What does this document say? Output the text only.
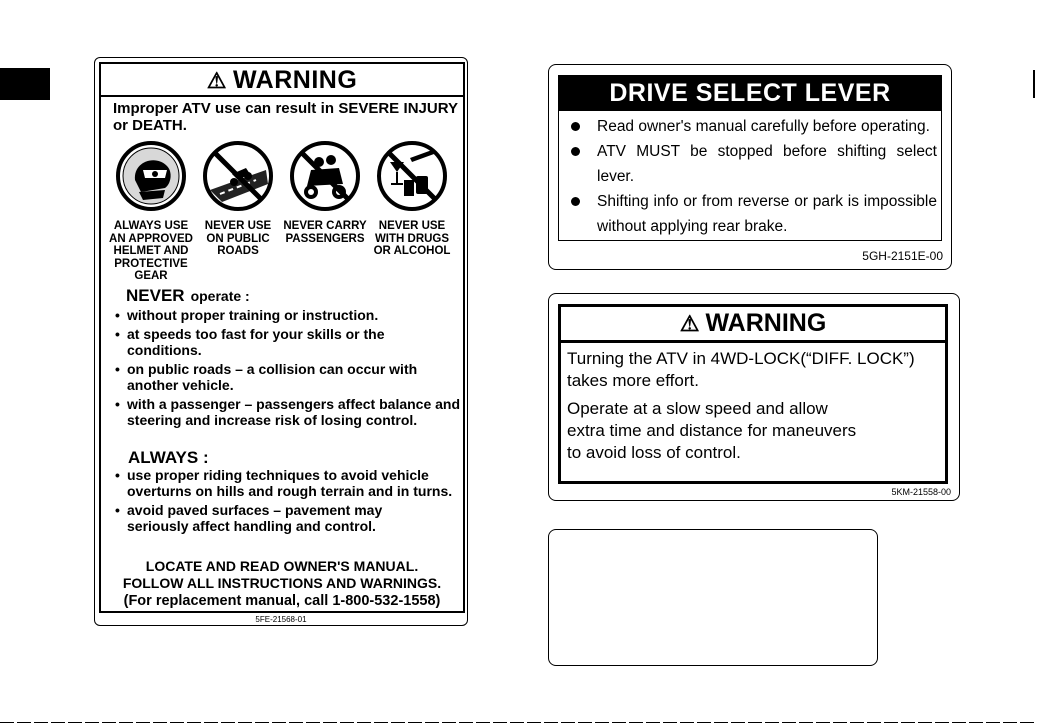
⚠ WARNING
Improper ATV use can result in SEVERE INJURY or DEATH.
ALWAYS USE
AN APPROVED
HELMET AND
PROTECTIVE
GEAR
NEVER USE
ON PUBLIC
ROADS
NEVER CARRY
PASSENGERS
NEVER USE
WITH DRUGS
OR ALCOHOL
NEVER operate :
• without proper training or instruction.
• at speeds too fast for your skills or the conditions.
• on public roads – a collision can occur with another vehicle.
• with a passenger – passengers affect balance and steering and increase risk of losing control.
ALWAYS :
• use proper riding techniques to avoid vehicle overturns on hills and rough terrain and in turns.
• avoid paved surfaces – pavement may seriously affect handling and control.
LOCATE AND READ OWNER'S MANUAL.
FOLLOW ALL INSTRUCTIONS AND WARNINGS.
(For replacement manual, call 1-800-532-1558)
5FE-21568-01
DRIVE SELECT LEVER
Read owner's manual carefully before operating.
ATV MUST be stopped before shifting select lever.
Shifting info or from reverse or park is impossible without applying rear brake.
5GH-2151E-00
⚠ WARNING
Turning the ATV in 4WD-LOCK(“DIFF. LOCK”) takes more effort.
Operate at a slow speed and allow
extra time and distance for maneuvers
to avoid loss of control.
5KM-21558-00
